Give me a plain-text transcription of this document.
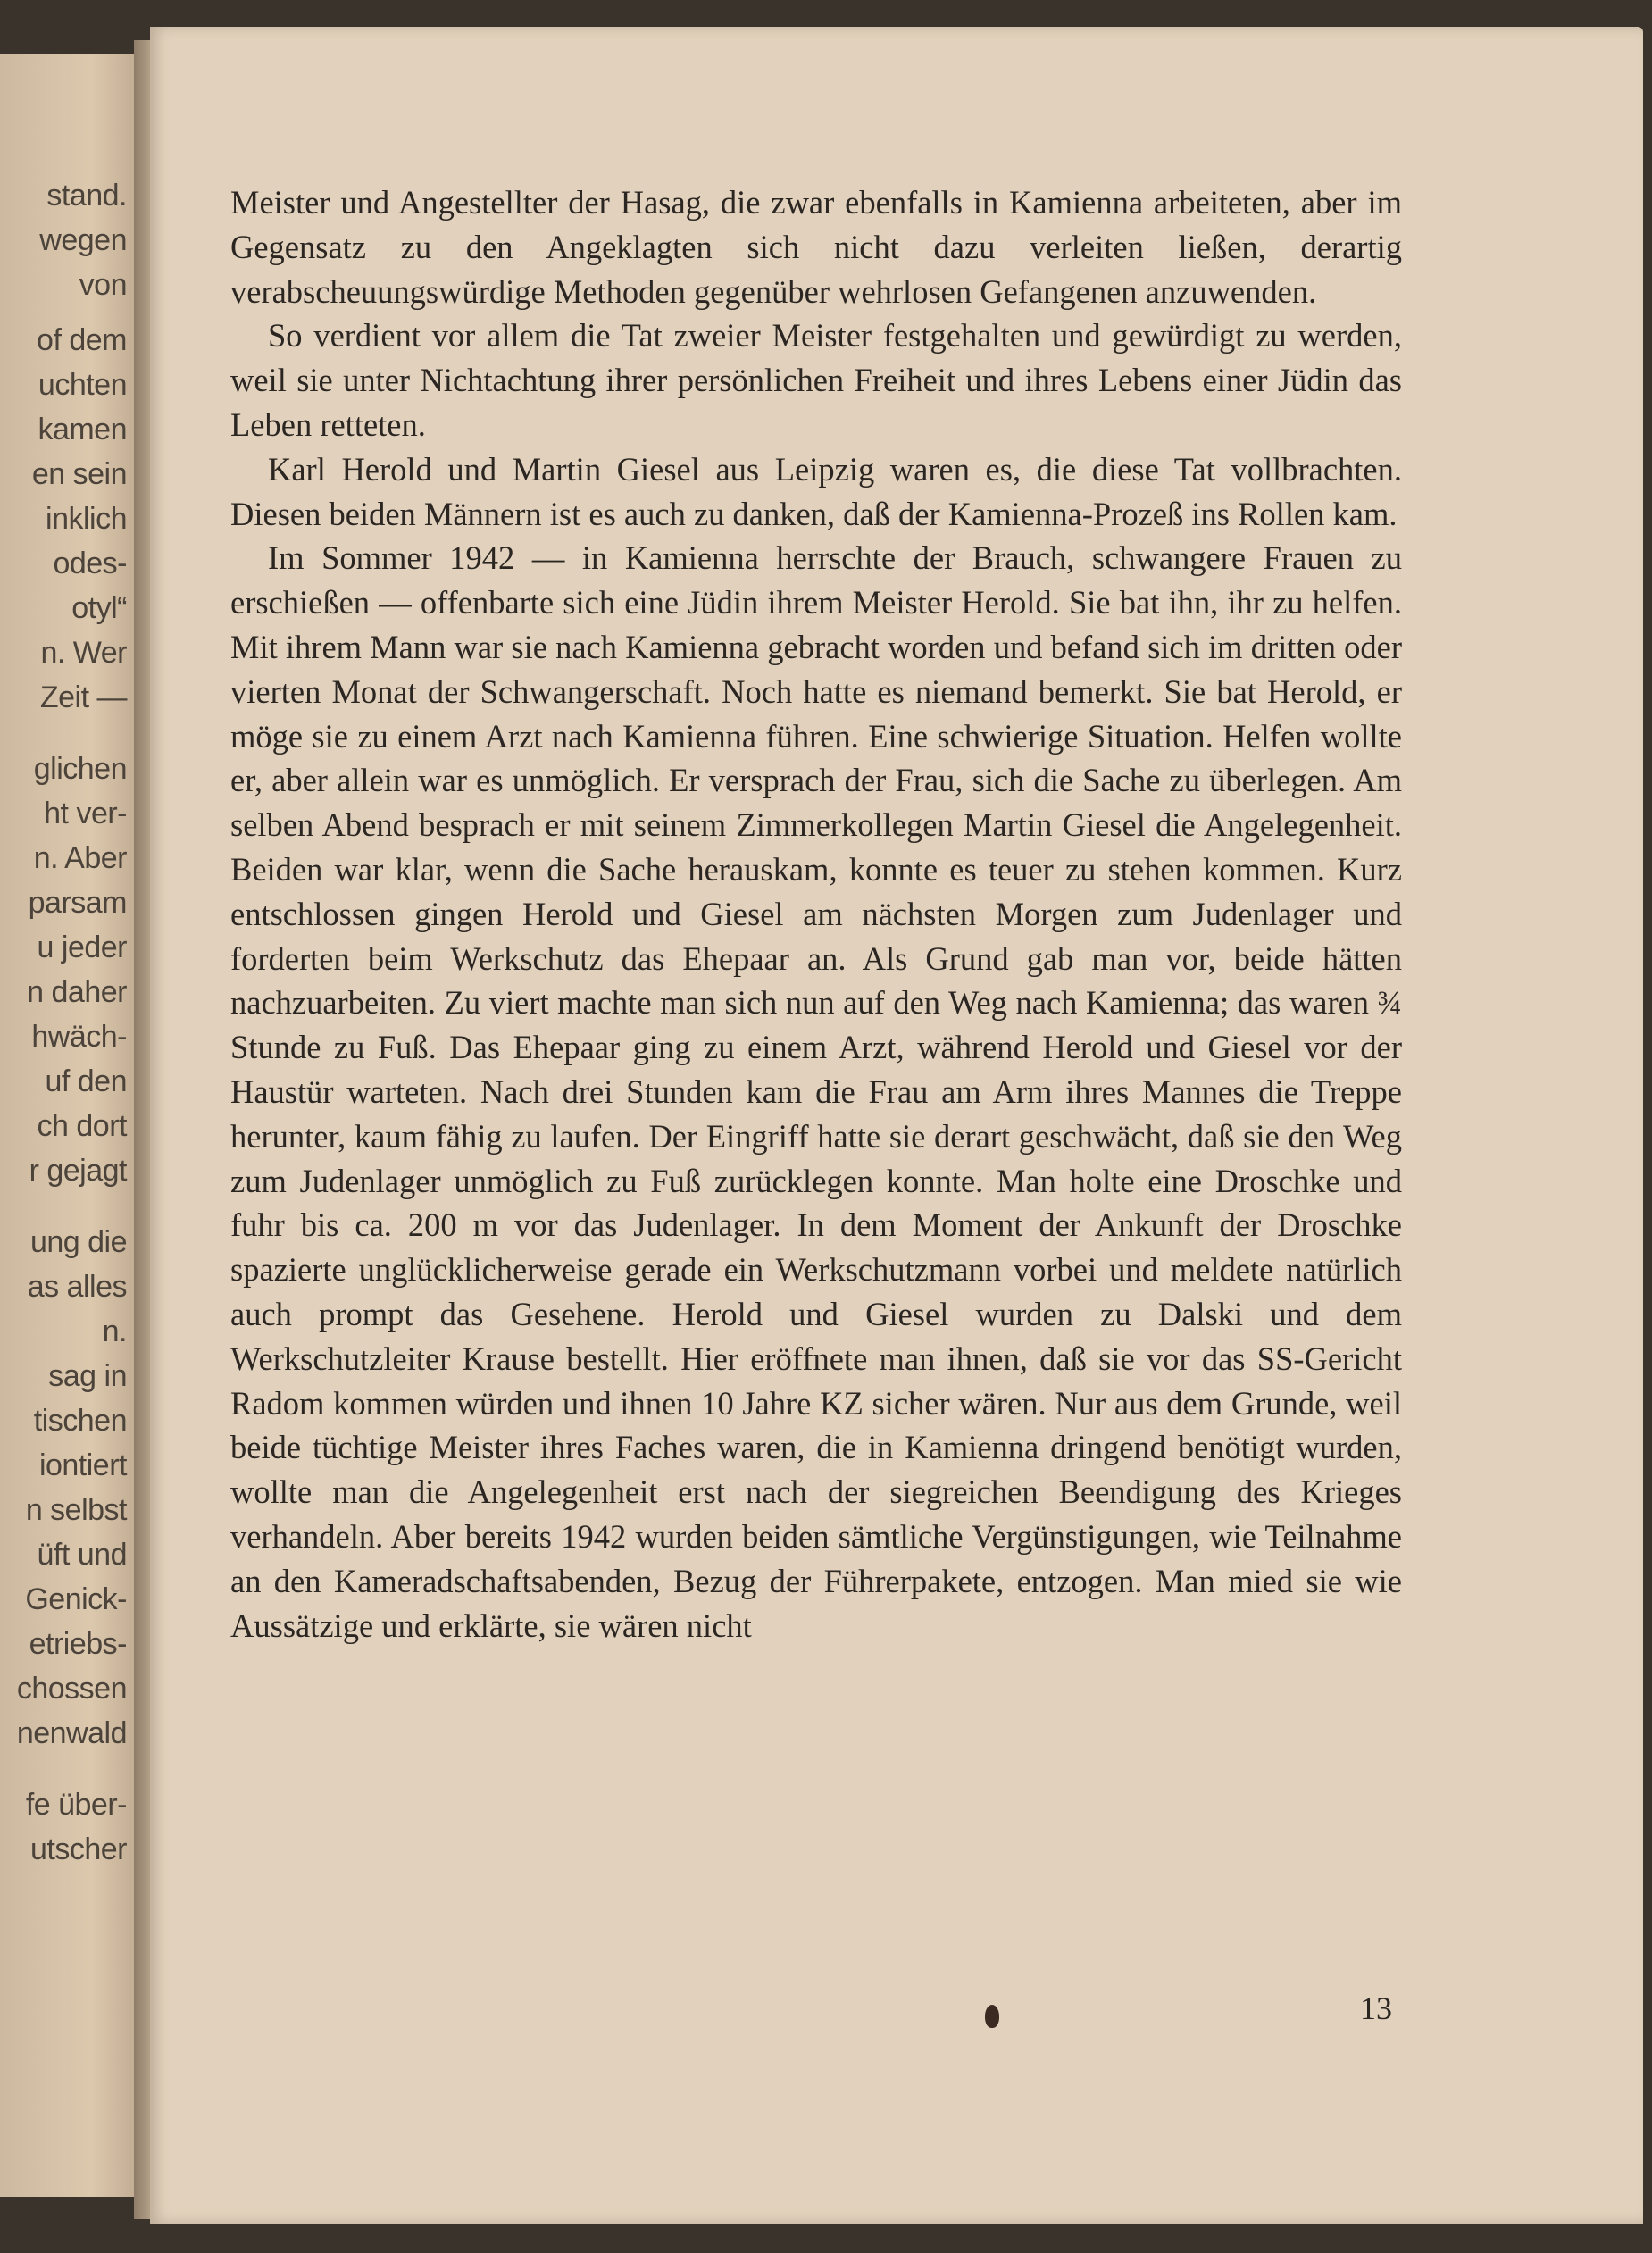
stand.
wegen
von
of dem
uchten
kamen
en sein
inklich
odes-
otyl“
n. Wer
Zeit —
glichen
ht ver-
n. Aber
parsam
u jeder
n daher
hwäch-
uf den
ch dort
r gejagt
ung die
as alles
n.
sag in
tischen
iontiert
n selbst
üft und
Genick-
etriebs-
chossen
nenwald
fe über-
utscher

Meister und Angestellter der Hasag, die zwar ebenfalls in Kamienna arbeiteten, aber im Gegensatz zu den Angeklagten sich nicht dazu verleiten ließen, derartig verabscheuungswürdige Methoden gegenüber wehrlosen Gefangenen anzuwenden.

So verdient vor allem die Tat zweier Meister festgehalten und gewürdigt zu werden, weil sie unter Nichtachtung ihrer persönlichen Freiheit und ihres Lebens einer Jüdin das Leben retteten.

Karl Herold und Martin Giesel aus Leipzig waren es, die diese Tat vollbrachten. Diesen beiden Männern ist es auch zu danken, daß der Kamienna-Prozeß ins Rollen kam.

Im Sommer 1942 — in Kamienna herrschte der Brauch, schwangere Frauen zu erschießen — offenbarte sich eine Jüdin ihrem Meister Herold. Sie bat ihn, ihr zu helfen. Mit ihrem Mann war sie nach Kamienna gebracht worden und befand sich im dritten oder vierten Monat der Schwangerschaft. Noch hatte es niemand bemerkt. Sie bat Herold, er möge sie zu einem Arzt nach Kamienna führen. Eine schwierige Situation. Helfen wollte er, aber allein war es unmöglich. Er versprach der Frau, sich die Sache zu überlegen. Am selben Abend besprach er mit seinem Zimmerkollegen Martin Giesel die Angelegenheit. Beiden war klar, wenn die Sache herauskam, konnte es teuer zu stehen kommen. Kurz entschlossen gingen Herold und Giesel am nächsten Morgen zum Judenlager und forderten beim Werkschutz das Ehepaar an. Als Grund gab man vor, beide hätten nachzuarbeiten. Zu viert machte man sich nun auf den Weg nach Kamienna; das waren ¾ Stunde zu Fuß. Das Ehepaar ging zu einem Arzt, während Herold und Giesel vor der Haustür warteten. Nach drei Stunden kam die Frau am Arm ihres Mannes die Treppe herunter, kaum fähig zu laufen. Der Eingriff hatte sie derart geschwächt, daß sie den Weg zum Judenlager unmöglich zu Fuß zurücklegen konnte. Man holte eine Droschke und fuhr bis ca. 200 m vor das Judenlager. In dem Moment der Ankunft der Droschke spazierte unglücklicherweise gerade ein Werkschutzmann vorbei und meldete natürlich auch prompt das Gesehene. Herold und Giesel wurden zu Dalski und dem Werkschutzleiter Krause bestellt. Hier eröffnete man ihnen, daß sie vor das SS-Gericht Radom kommen würden und ihnen 10 Jahre KZ sicher wären. Nur aus dem Grunde, weil beide tüchtige Meister ihres Faches waren, die in Kamienna dringend benötigt wurden, wollte man die Angelegenheit erst nach der siegreichen Beendigung des Krieges verhandeln. Aber bereits 1942 wurden beiden sämtliche Vergünstigungen, wie Teilnahme an den Kameradschaftsabenden, Bezug der Führerpakete, entzogen. Man mied sie wie Aussätzige und erklärte, sie wären nicht

13
